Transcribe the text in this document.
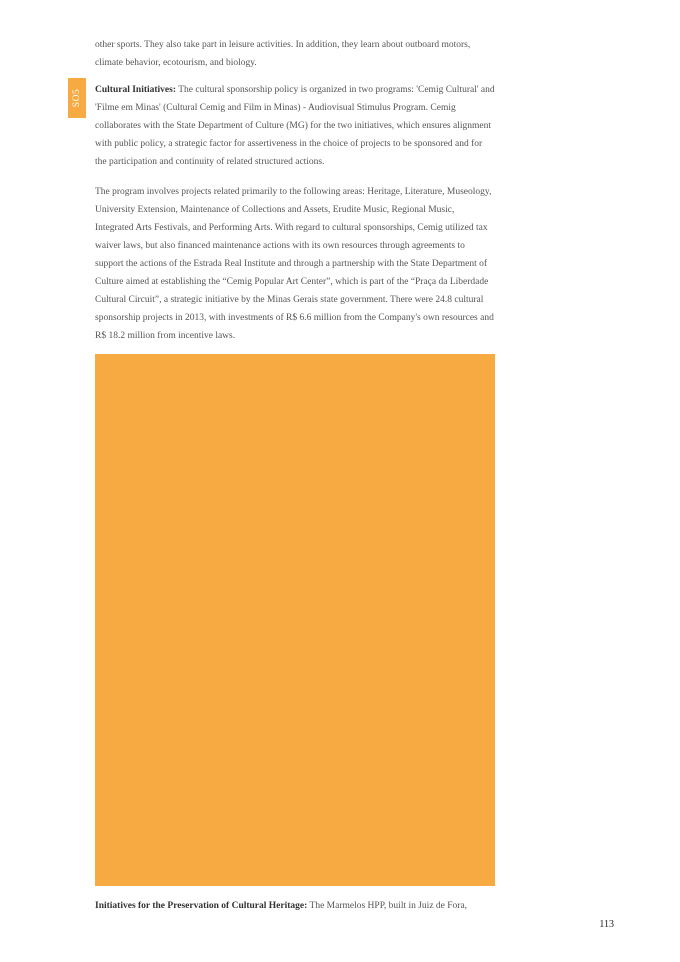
other sports. They also take part in leisure activities. In addition, they learn about outboard motors, climate behavior, ecotourism, and biology.
SO5 Cultural Initiatives: The cultural sponsorship policy is organized in two programs: 'Cemig Cultural' and 'Filme em Minas' (Cultural Cemig and Film in Minas) - Audiovisual Stimulus Program. Cemig collaborates with the State Department of Culture (MG) for the two initiatives, which ensures alignment with public policy, a strategic factor for assertiveness in the choice of projects to be sponsored and for the participation and continuity of related structured actions.
The program involves projects related primarily to the following areas: Heritage, Literature, Museology, University Extension, Maintenance of Collections and Assets, Erudite Music, Regional Music, Integrated Arts Festivals, and Performing Arts. With regard to cultural sponsorships, Cemig utilized tax waiver laws, but also financed maintenance actions with its own resources through agreements to support the actions of the Estrada Real Institute and through a partnership with the State Department of Culture aimed at establishing the “Cemig Popular Art Center”, which is part of the “Praça da Liberdade Cultural Circuit”, a strategic initiative by the Minas Gerais state government. There were 24.8 cultural sponsorship projects in 2013, with investments of R$ 6.6 million from the Company's own resources and R$ 18.2 million from incentive laws.
Initiatives for the Preservation of Cultural Heritage: The Marmelos HPP, built in Juiz de Fora,
113
